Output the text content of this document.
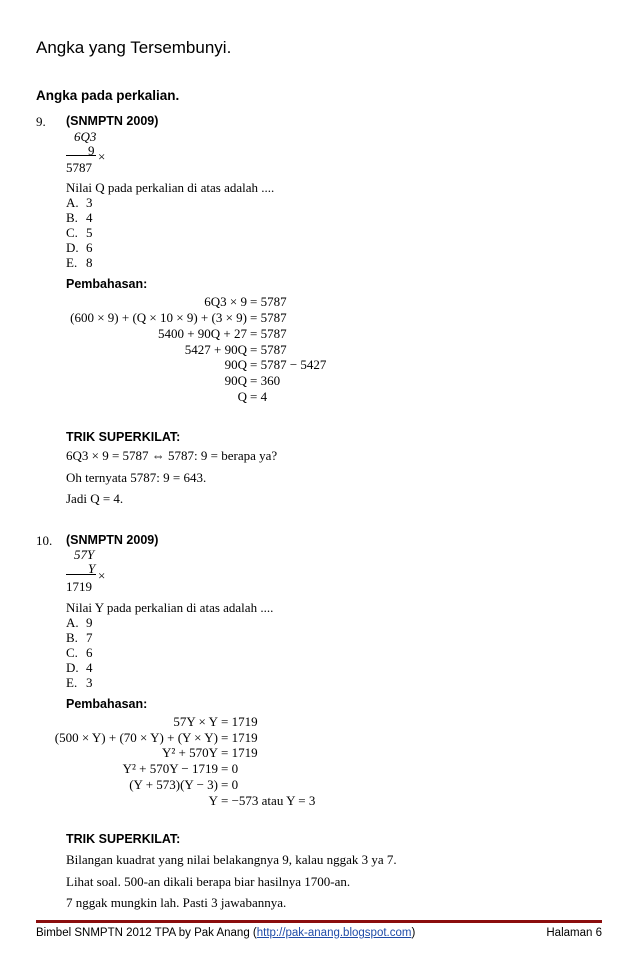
Angka yang Tersembunyi.
Angka pada perkalian.
9. (SNMPTN 2009)
6Q3
9 ×
5787
Nilai Q pada perkalian di atas adalah ....
A. 3
B. 4
C. 5
D. 6
E. 8
Pembahasan:
6Q3 × 9 = 5787
(600 × 9) + (Q × 10 × 9) + (3 × 9) = 5787
5400 + 90Q + 27 = 5787
5427 + 90Q = 5787
90Q = 5787 − 5427
90Q = 360
Q = 4
TRIK SUPERKILAT:
6Q3 × 9 = 5787 ⇔ 5787: 9 = berapa ya?
Oh ternyata 5787: 9 = 643.
Jadi Q = 4.
10. (SNMPTN 2009)
57Y
Y ×
1719
Nilai Y pada perkalian di atas adalah ....
A. 9
B. 7
C. 6
D. 4
E. 3
Pembahasan:
57Y × Y = 1719
(500 × Y) + (70 × Y) + (Y × Y) = 1719
Y² + 570Y = 1719
Y² + 570Y − 1719 = 0
(Y + 573)(Y − 3) = 0
Y = −573 atau Y = 3
TRIK SUPERKILAT:
Bilangan kuadrat yang nilai belakangnya 9, kalau nggak 3 ya 7.
Lihat soal. 500-an dikali berapa biar hasilnya 1700-an.
7 nggak mungkin lah. Pasti 3 jawabannya.
Bimbel SNMPTN 2012 TPA by Pak Anang (http://pak-anang.blogspot.com)	Halaman 6
